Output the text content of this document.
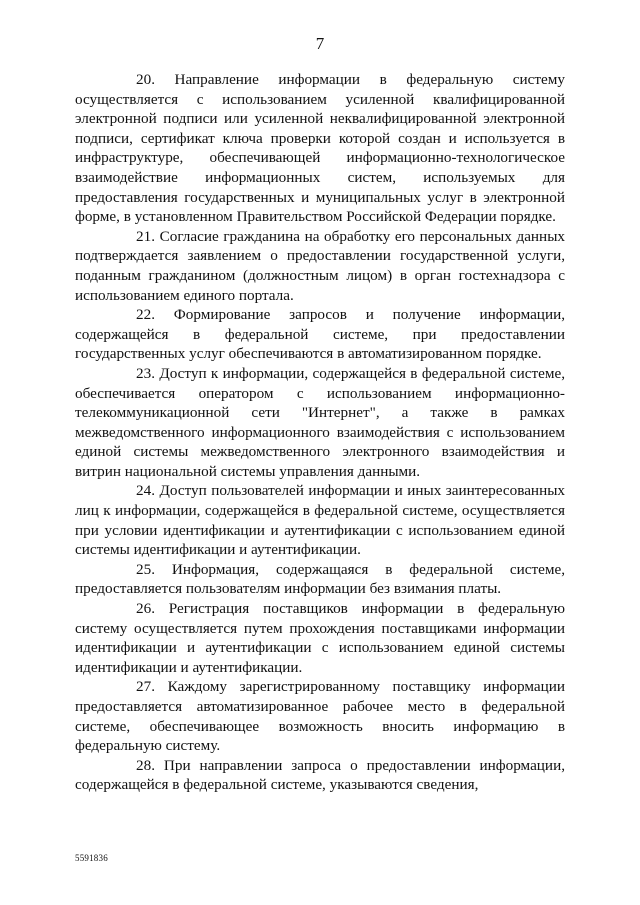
7

20. Направление информации в федеральную систему осуществляется с использованием усиленной квалифицированной электронной подписи или усиленной неквалифицированной электронной подписи, сертификат ключа проверки которой создан и используется в инфраструктуре, обеспечивающей информационно-технологическое взаимодействие информационных систем, используемых для предоставления государственных и муниципальных услуг в электронной форме, в установленном Правительством Российской Федерации порядке.

21. Согласие гражданина на обработку его персональных данных подтверждается заявлением о предоставлении государственной услуги, поданным гражданином (должностным лицом) в орган гостехнадзора с использованием единого портала.

22. Формирование запросов и получение информации, содержащейся в федеральной системе, при предоставлении государственных услуг обеспечиваются в автоматизированном порядке.

23. Доступ к информации, содержащейся в федеральной системе, обеспечивается оператором с использованием информационно-телекоммуникационной сети "Интернет", а также в рамках межведомственного информационного взаимодействия с использованием единой системы межведомственного электронного взаимодействия и витрин национальной системы управления данными.

24. Доступ пользователей информации и иных заинтересованных лиц к информации, содержащейся в федеральной системе, осуществляется при условии идентификации и аутентификации с использованием единой системы идентификации и аутентификации.

25. Информация, содержащаяся в федеральной системе, предоставляется пользователям информации без взимания платы.

26. Регистрация поставщиков информации в федеральную систему осуществляется путем прохождения поставщиками информации идентификации и аутентификации с использованием единой системы идентификации и аутентификации.

27. Каждому зарегистрированному поставщику информации предоставляется автоматизированное рабочее место в федеральной системе, обеспечивающее возможность вносить информацию в федеральную систему.

28. При направлении запроса о предоставлении информации, содержащейся в федеральной системе, указываются сведения,

5591836
